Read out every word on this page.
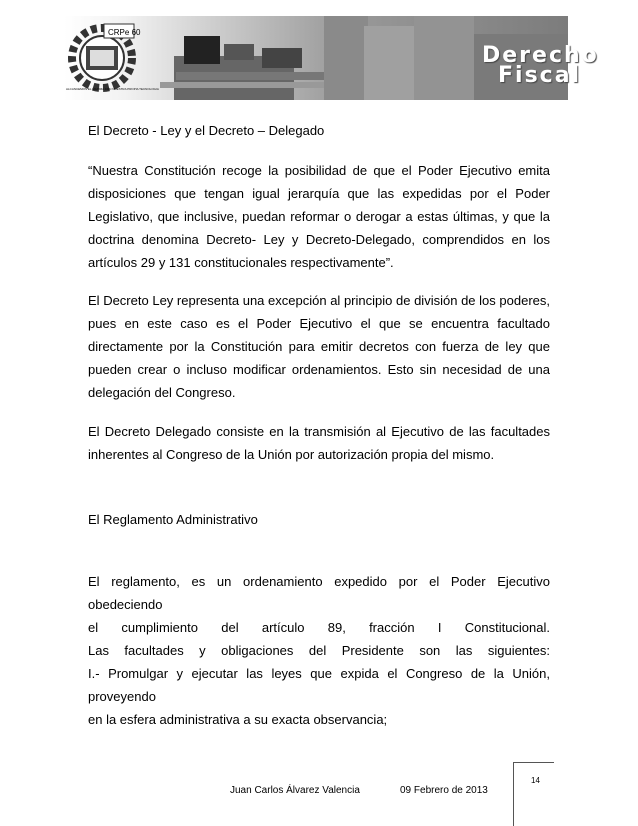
CRPe 60
ALCANCEMOS EL MAXIMA CON NUESTRA PROPIA TECNOLOGIA
Derecho
Fiscal
El Decreto - Ley y el Decreto – Delegado
“Nuestra Constitución recoge la posibilidad de que el Poder Ejecutivo emita
disposiciones que tengan igual jerarquía que las expedidas por el Poder
Legislativo, que inclusive, puedan reformar o derogar a estas últimas, y que la
doctrina denomina Decreto- Ley y Decreto-Delegado, comprendidos en los
artículos 29 y 131 constitucionales respectivamente”.
El Decreto Ley representa una excepción al principio de división de los poderes,
pues en este caso es el Poder Ejecutivo el que se encuentra facultado
directamente por la Constitución para emitir decretos con fuerza de ley que
pueden crear o incluso modificar ordenamientos. Esto sin necesidad de una
delegación del Congreso.
El Decreto Delegado consiste en la transmisión al Ejecutivo de las facultades
inherentes al Congreso de la Unión por autorización propia del mismo.
El Reglamento Administrativo
El reglamento, es un ordenamiento expedido por el Poder Ejecutivo obedeciendo
el cumplimiento del artículo 89, fracción I Constitucional.
Las facultades y obligaciones del Presidente son las siguientes:
I.- Promulgar y ejecutar las leyes que expida el Congreso de la Unión, proveyendo
en la esfera administrativa a su exacta observancia;
14
Juan Carlos Álvarez Valencia	09 Febrero de 2013
